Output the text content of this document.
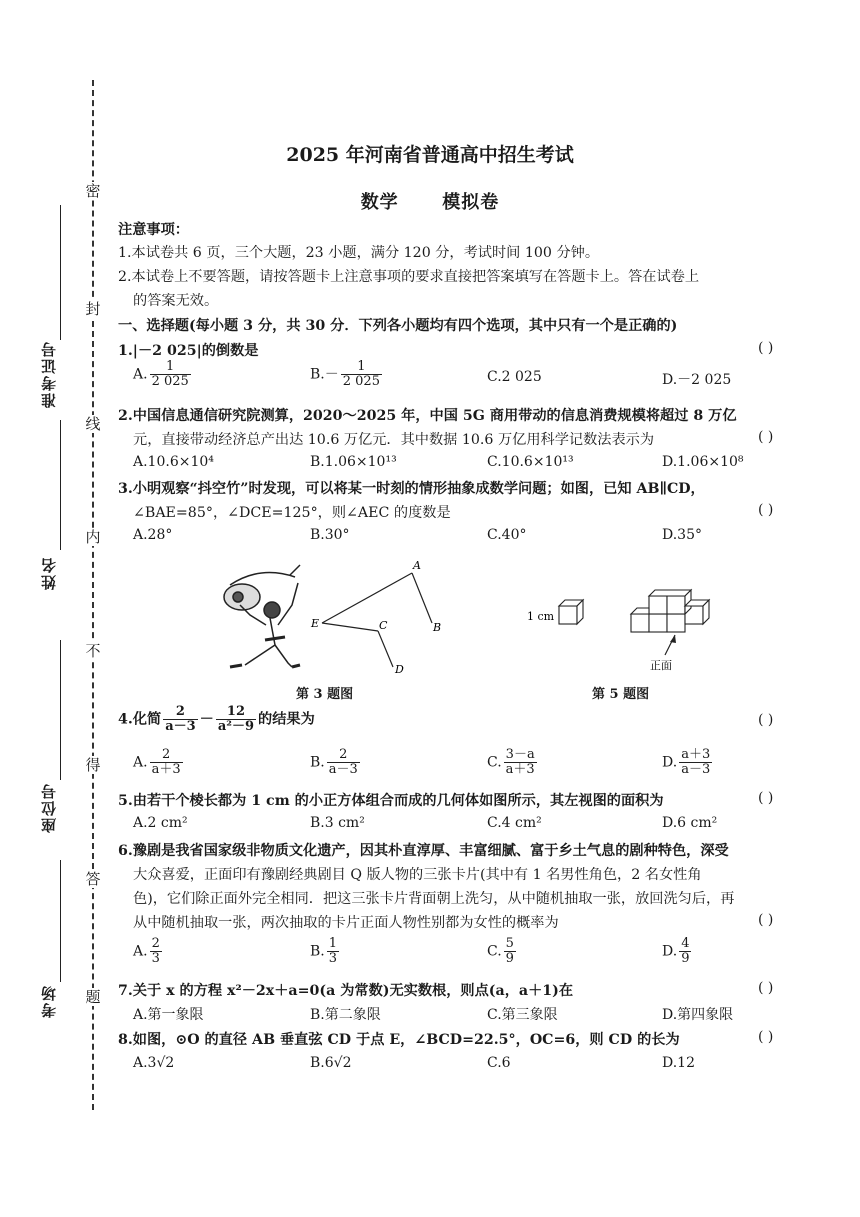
密
封
线
内
不
得
答
题
准考证号
姓名
座位号
考场
2025 年河南省普通高中招生考试
数学 模拟卷
注意事项：
1.本试卷共 6 页，三个大题，23 小题，满分 120 分，考试时间 100 分钟。
2.本试卷上不要答题，请按答题卡上注意事项的要求直接把答案填写在答题卡上。答在试卷上
的答案无效。
一、选择题(每小题 3 分，共 30 分．下列各小题均有四个选项，其中只有一个是正确的)
1.|－2 025|的倒数是	( )
A. $\frac{1}{2 025}$	$B.- \frac{1}{2 025}$	C.2 025	D.－2 025
2.中国信息通信研究院测算，2020～2025 年，中国 5G 商用带动的信息消费规模将超过 8 万亿
元，直接带动经济总产出达 10.6 万亿元．其中数据 10.6 万亿用科学记数法表示为	( )
A.10.6×10⁴	B.1.06×10¹³	C.10.6×10¹³	D.1.06×10⁸
3.小明观察“抖空竹”时发现，可以将某一时刻的情形抽象成数学问题；如图，已知 AB∥CD，
∠BAE=85°，∠DCE=125°，则∠AEC 的度数是	( )
A.28°	B.30°	C.40°	D.35°
A
B
C
D
E
第 3 题图
1 cm
正面
第 5 题图
4.化简 $\frac{2}{a-3} - \frac{12}{\text{a²－9}}$ 的结果为	( )
A. $\frac{2}{a+3}$	B. $\frac{2}{a-3}$	C. $\frac{3-a}{a+3}$	D. $\frac{a+3}{a-3}$
5.由若干个棱长都为 1 cm 的小正方体组合而成的几何体如图所示，其左视图的面积为	( )
A.2 cm²	B.3 cm²	C.4 cm²	D.6 cm²
6.豫剧是我省国家级非物质文化遗产，因其朴直淳厚、丰富细腻、富于乡土气息的剧种特色，深受
大众喜爱，正面印有豫剧经典剧目 Q 版人物的三张卡片(其中有 1 名男性角色，2 名女性角
色)，它们除正面外完全相同．把这三张卡片背面朝上洗匀，从中随机抽取一张，放回洗匀后，再
从中随机抽取一张，两次抽取的卡片正面人物性别都为女性的概率为	( )
A. $\frac{2}{3}$	B. $\frac{1}{3}$	C. $\frac{5}{9}$	D. $\frac{4}{9}$
7.关于 x 的方程 x²－2x＋a=0(a 为常数)无实数根，则点(a，a＋1)在	( )
A.第一象限	B.第二象限	C.第三象限	D.第四象限
8.如图，⊙O 的直径 AB 垂直弦 CD 于点 E，∠BCD=22.5°，OC=6，则 CD 的长为	( )
A.3√2	B.6√2	C.6	D.12
